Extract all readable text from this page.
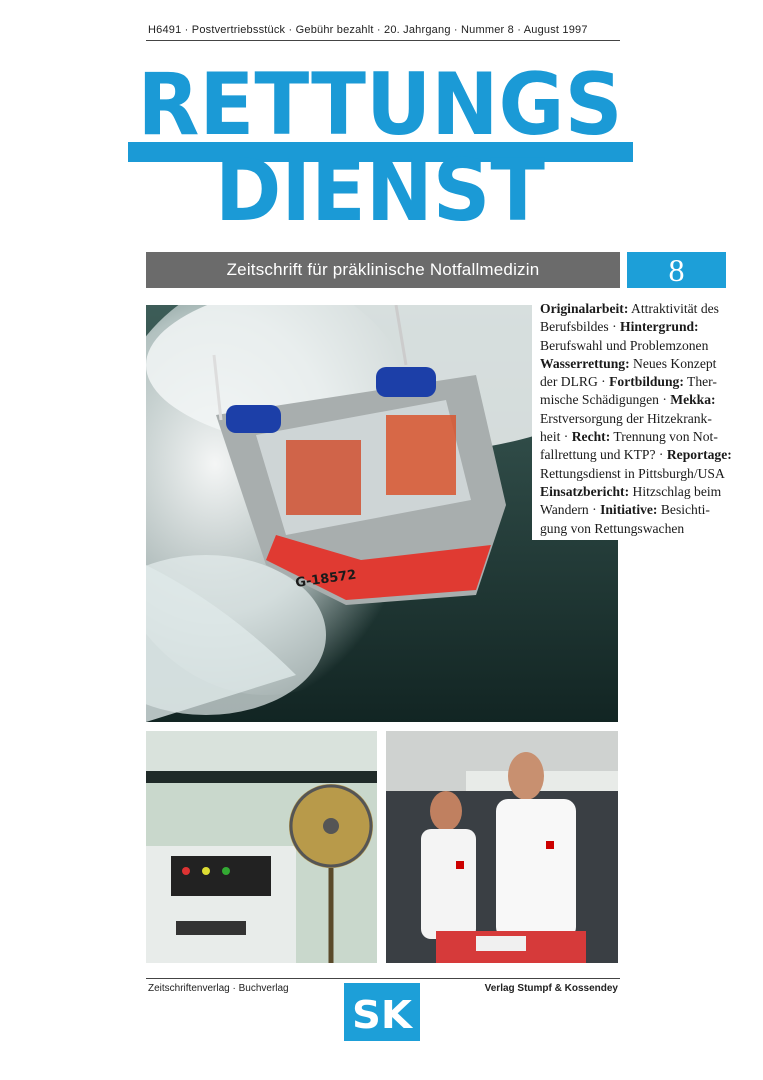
H6491 · Postvertriebsstück · Gebühr bezahlt · 20. Jahrgang · Nummer 8 · August 1997
RETTUNGS
DIENST
Zeitschrift für präklinische Notfallmedizin	8
G-18572
Originalarbeit: Attraktivität des
Berufsbildes · Hintergrund:
Berufswahl und Problemzonen
Wasserrettung: Neues Konzept
der DLRG · Fortbildung: Ther-
mische Schädigungen · Mekka:
Erstversorgung der Hitzekrank-
heit · Recht: Trennung von Not-
fallrettung und KTP? · Reportage:
Rettungsdienst in Pittsburgh/USA
Einsatzbericht: Hitzschlag beim
Wandern · Initiative: Besichti-
gung von Rettungswachen
Zeitschriftenverlag · Buchverlag
SK
Verlag Stumpf & Kossendey
